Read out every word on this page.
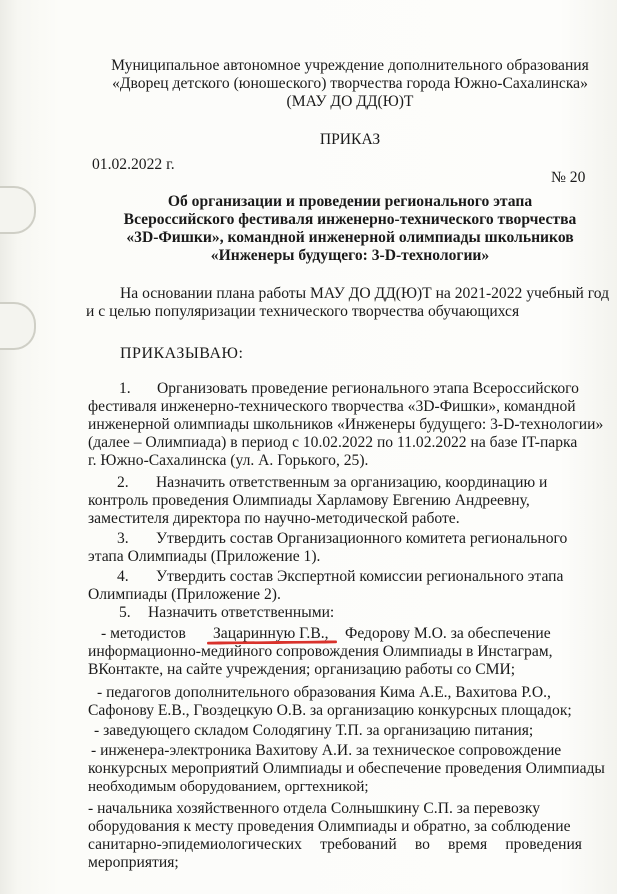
Муниципальное автономное учреждение дополнительного образования
«Дворец детского (юношеского) творчества города Южно-Сахалинска»
(МАУ ДО ДД(Ю)Т
ПРИКАЗ
01.02.2022 г.
№ 20
Об организации и проведении регионального этапа
Всероссийского фестиваля инженерно-технического творчества
«3D-Фишки», командной инженерной олимпиады школьников
«Инженеры будущего: 3-D-технологии»
На основании плана работы МАУ ДО ДД(Ю)Т на 2021-2022 учебный год
и с целью популяризации технического творчества обучающихся
ПРИКАЗЫВАЮ:
1. Организовать проведение регионального этапа Всероссийского
фестиваля инженерно-технического творчества «3D-Фишки», командной
инженерной олимпиады школьников «Инженеры будущего: 3-D-технологии»
(далее – Олимпиада) в период с 10.02.2022 по 11.02.2022 на базе IT-парка
г. Южно-Сахалинска (ул. А. Горького, 25).
2. Назначить ответственным за организацию, координацию и
контроль проведения Олимпиады Харламову Евгению Андреевну,
заместителя директора по научно-методической работе.
3. Утвердить состав Организационного комитета регионального
этапа Олимпиады (Приложение 1).
4. Утвердить состав Экспертной комиссии регионального этапа
Олимпиады (Приложение 2).
5. Назначить ответственными:
- методистов Зацаринную Г.В., Федорову М.О. за обеспечение
информационно-медийного сопровождения Олимпиады в Инстаграм,
ВКонтакте, на сайте учреждения; организацию работы со СМИ;
- педагогов дополнительного образования Кима А.Е., Вахитова Р.О.,
Сафонову Е.В., Гвоздецкую О.В. за организацию конкурсных площадок;
- заведующего складом Солодягину Т.П. за организацию питания;
- инженера-электроника Вахитову А.И. за техническое сопровождение
конкурсных мероприятий Олимпиады и обеспечение проведения Олимпиады
необходимым оборудованием, оргтехникой;
- начальника хозяйственного отдела Солнышкину С.П. за перевозку
оборудования к месту проведения Олимпиады и обратно, за соблюдение
санитарно-эпидемиологических требований во время проведения
мероприятия;
